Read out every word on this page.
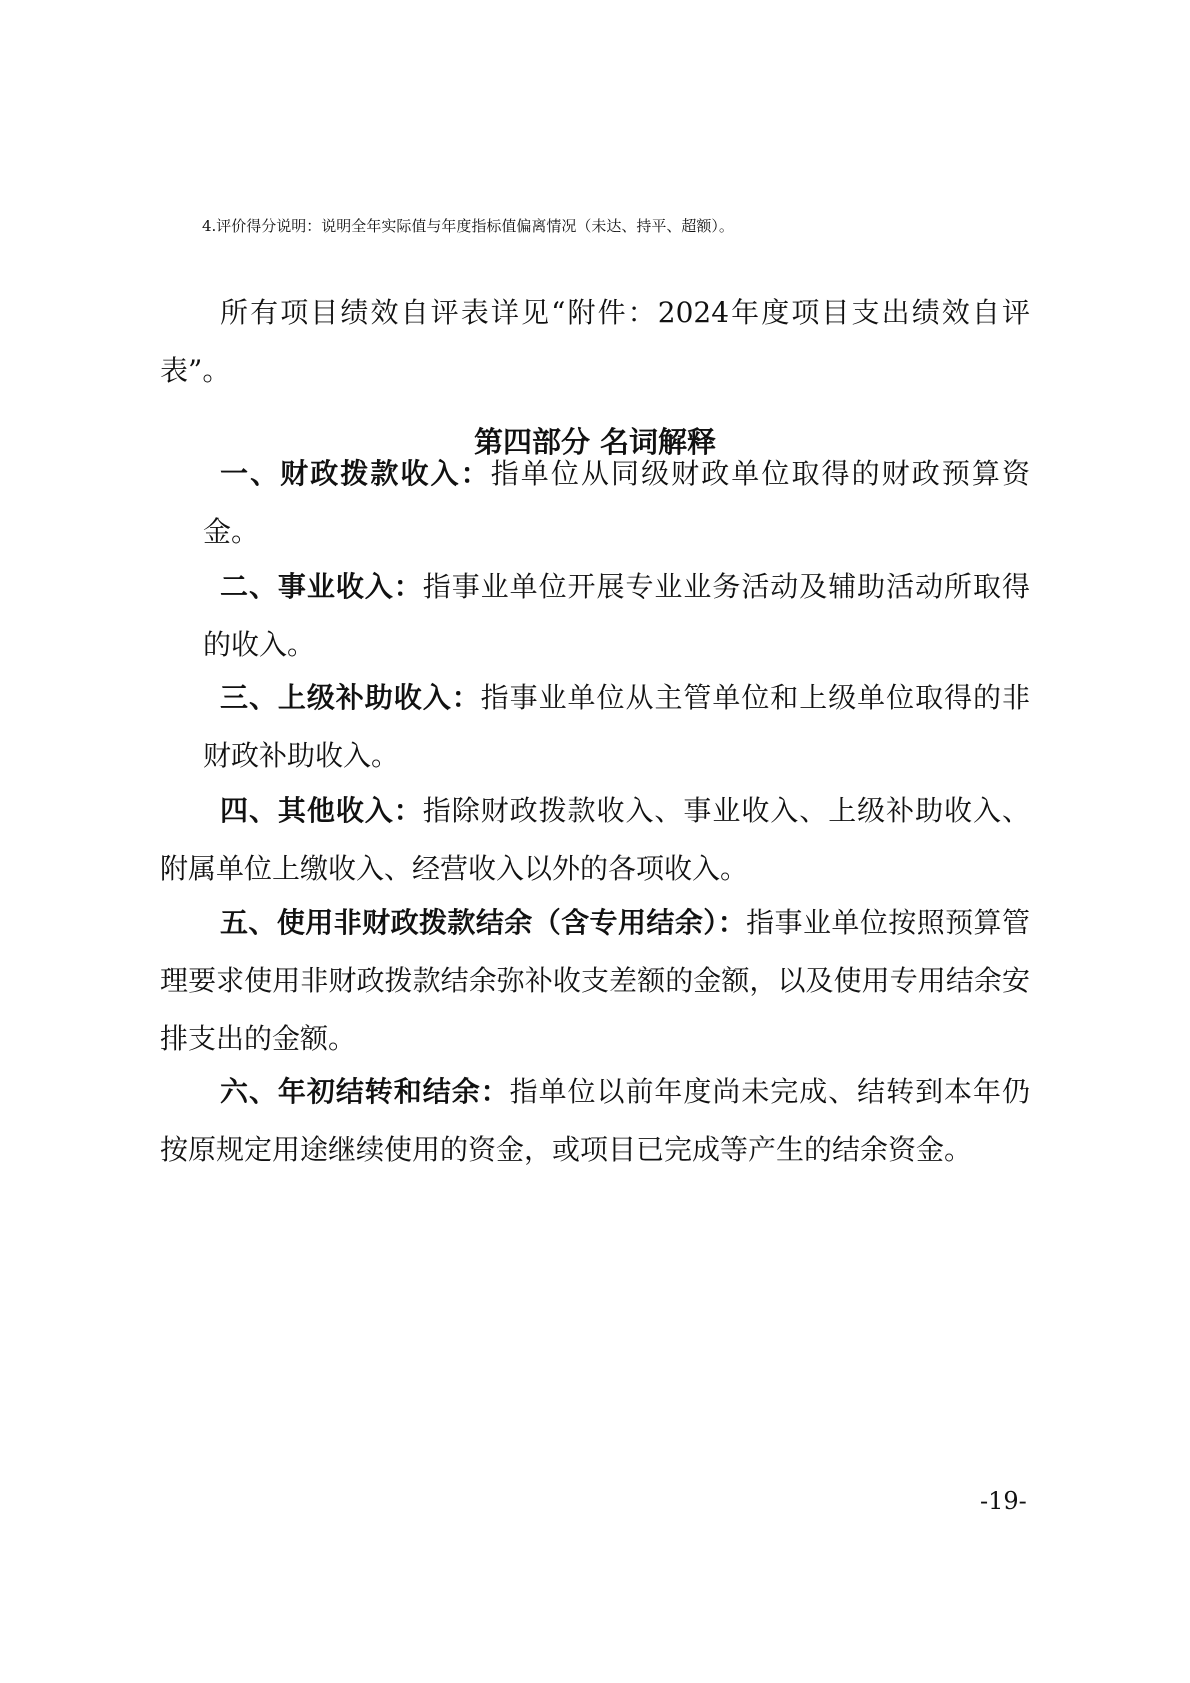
4.评价得分说明：说明全年实际值与年度指标值偏离情况（未达、持平、超额）。

所有项目绩效自评表详见“附件：2024年度项目支出绩效自评表”。

第四部分 名词解释

一、财政拨款收入：指单位从同级财政单位取得的财政预算资金。

二、事业收入：指事业单位开展专业业务活动及辅助活动所取得的收入。

三、上级补助收入：指事业单位从主管单位和上级单位取得的非财政补助收入。

四、其他收入：指除财政拨款收入、事业收入、上级补助收入、附属单位上缴收入、经营收入以外的各项收入。

五、使用非财政拨款结余（含专用结余）：指事业单位按照预算管理要求使用非财政拨款结余弥补收支差额的金额，以及使用专用结余安排支出的金额。

六、年初结转和结余：指单位以前年度尚未完成、结转到本年仍按原规定用途继续使用的资金，或项目已完成等产生的结余资金。

-19-
